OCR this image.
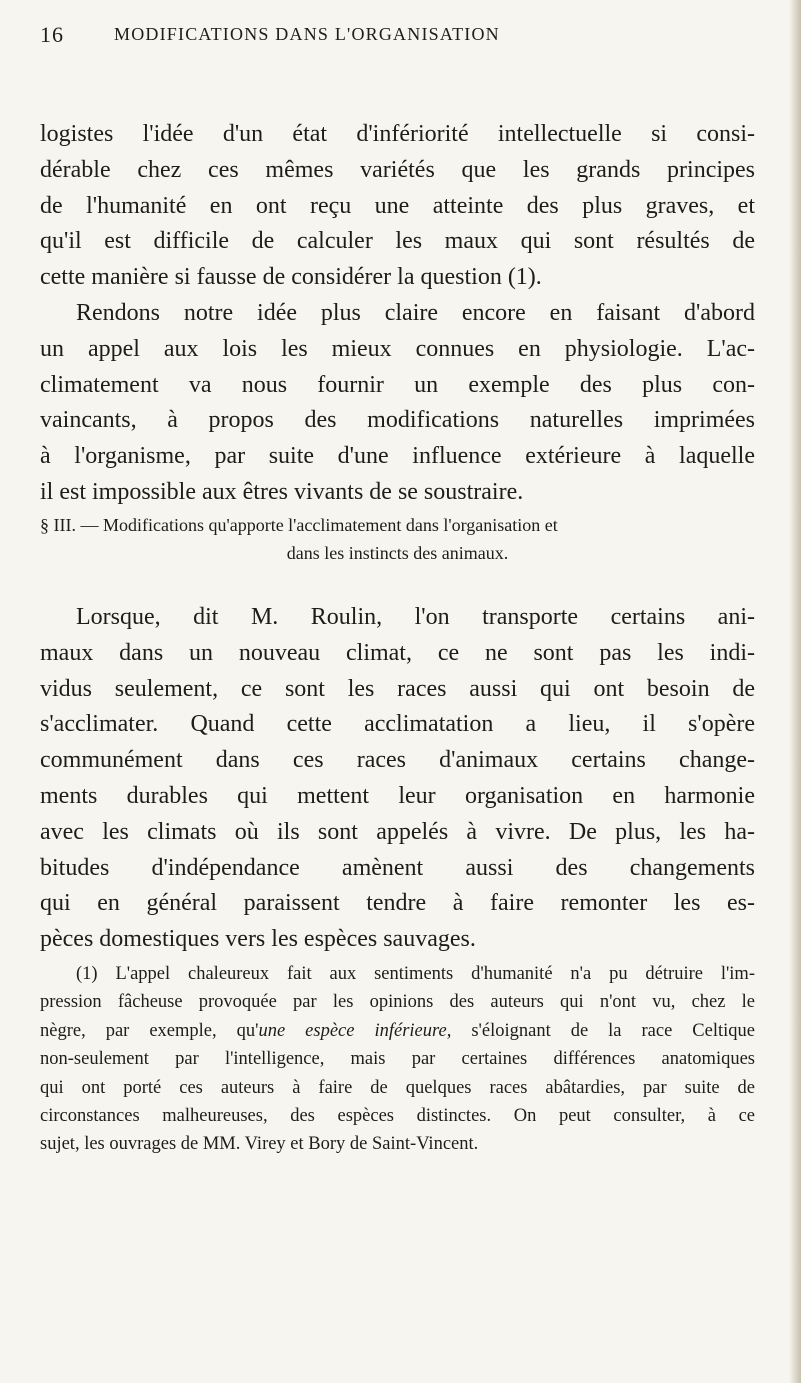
16	MODIFICATIONS DANS L'ORGANISATION
logistes l'idée d'un état d'infériorité intellectuelle si consi-
dérable chez ces mêmes variétés que les grands principes
de l'humanité en ont reçu une atteinte des plus graves, et
qu'il est difficile de calculer les maux qui sont résultés de
cette manière si fausse de considérer la question (1).
Rendons notre idée plus claire encore en faisant d'abord
un appel aux lois les mieux connues en physiologie. L'ac-
climatement va nous fournir un exemple des plus con-
vaincants, à propos des modifications naturelles imprimées
à l'organisme, par suite d'une influence extérieure à laquelle
il est impossible aux êtres vivants de se soustraire.
§ III. — Modifications qu'apporte l'acclimatement dans l'organisation et
dans les instincts des animaux.
Lorsque, dit M. Roulin, l'on transporte certains ani-
maux dans un nouveau climat, ce ne sont pas les indi-
vidus seulement, ce sont les races aussi qui ont besoin de
s'acclimater. Quand cette acclimatation a lieu, il s'opère
communément dans ces races d'animaux certains change-
ments durables qui mettent leur organisation en harmonie
avec les climats où ils sont appelés à vivre. De plus, les ha-
bitudes d'indépendance amènent aussi des changements
qui en général paraissent tendre à faire remonter les es-
pèces domestiques vers les espèces sauvages.
(1) L'appel chaleureux fait aux sentiments d'humanité n'a pu détruire l'im-
pression fâcheuse provoquée par les opinions des auteurs qui n'ont vu, chez le
nègre, par exemple, qu'une espèce inférieure, s'éloignant de la race Celtique
non-seulement par l'intelligence, mais par certaines différences anatomiques
qui ont porté ces auteurs à faire de quelques races abâtardies, par suite de
circonstances malheureuses, des espèces distinctes. On peut consulter, à ce
sujet, les ouvrages de MM. Virey et Bory de Saint-Vincent.
